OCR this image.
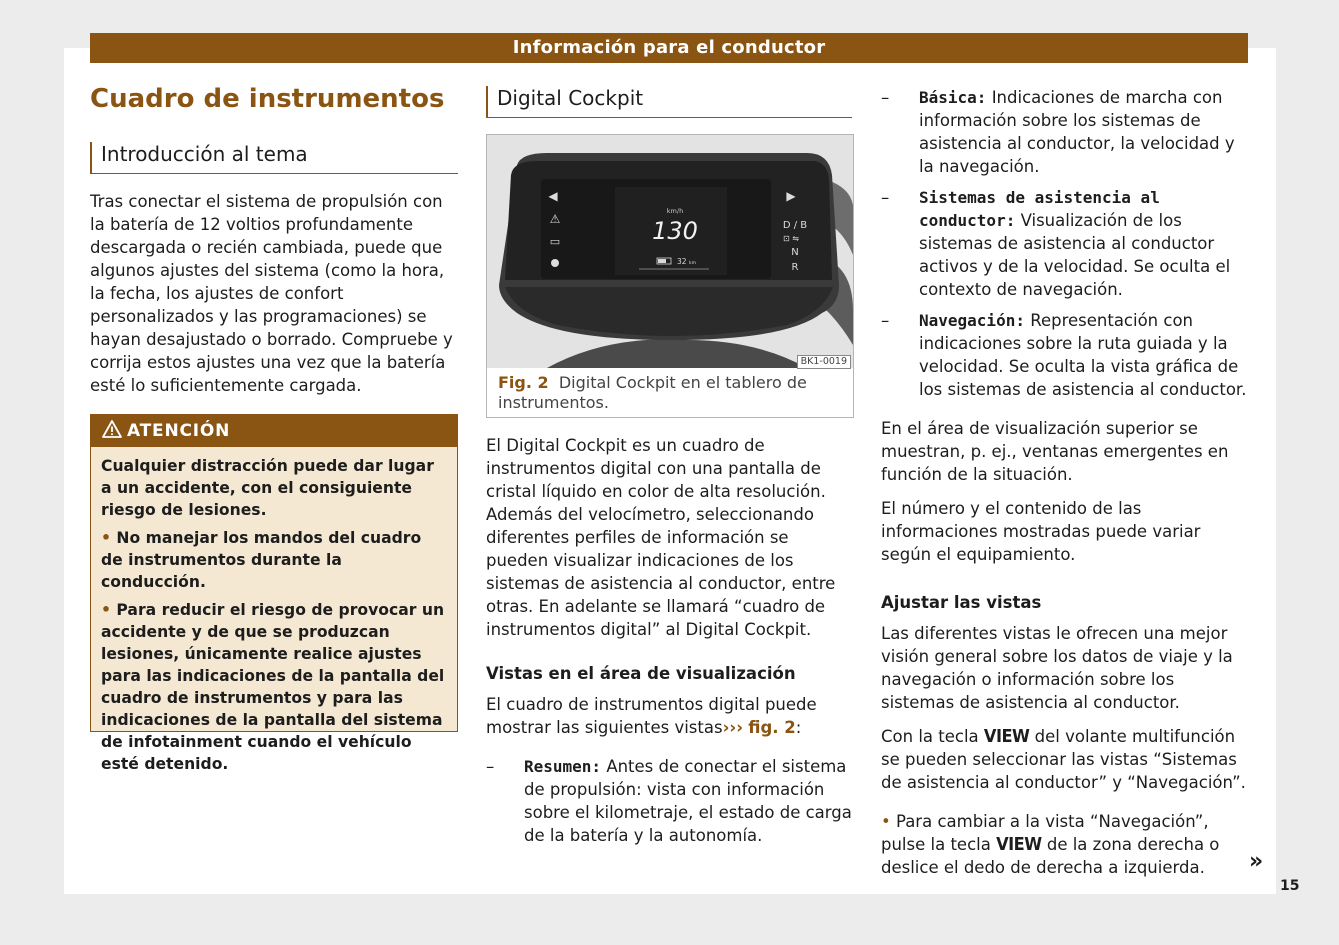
Información para el conductor
Cuadro de instrumentos
Introducción al tema

Tras conectar el sistema de propulsión con la batería de 12 voltios profundamente descargada o recién cambiada, puede que algunos ajustes del sistema (como la hora, la fecha, los ajustes de confort personalizados y las programaciones) se hayan desajustado o borrado. Compruebe y corrija estos ajustes una vez que la batería esté lo suficientemente cargada.

ATENCIÓN

Cualquier distracción puede dar lugar a un accidente, con el consiguiente riesgo de lesiones.

• No manejar los mandos del cuadro de instrumentos durante la conducción.

• Para reducir el riesgo de provocar un accidente y de que se produzcan lesiones, únicamente realice ajustes para las indicaciones de la pantalla del cuadro de instrumentos y para las indicaciones de la pantalla del sistema de infotainment cuando el vehículo esté detenido.

Digital Cockpit
◀
⚠
▭
km/h
130
32 km
▶
D / B
⊡ ⇋
N
R
BK1-0019
Fig. 2 Digital Cockpit en el tablero de instrumentos.

El Digital Cockpit es un cuadro de instrumentos digital con una pantalla de cristal líquido en color de alta resolución. Además del velocímetro, seleccionando diferentes perfiles de información se pueden visualizar indicaciones de los sistemas de asistencia al conductor, entre otras. En adelante se llamará “cuadro de instrumentos digital” al Digital Cockpit.

Vistas en el área de visualización

El cuadro de instrumentos digital puede mostrar las siguientes vistas››› fig. 2:

– Resumen: Antes de conectar el sistema de propulsión: vista con información sobre el kilometraje, el estado de carga de la batería y la autonomía.

– Básica: Indicaciones de marcha con información sobre los sistemas de asistencia al conductor, la velocidad y la navegación.

– Sistemas de asistencia al conductor: Visualización de los sistemas de asistencia al conductor activos y de la velocidad. Se oculta el contexto de navegación.

– Navegación: Representación con indicaciones sobre la ruta guiada y la velocidad. Se oculta la vista gráfica de los sistemas de asistencia al conductor.

En el área de visualización superior se muestran, p. ej., ventanas emergentes en función de la situación.

El número y el contenido de las informaciones mostradas puede variar según el equipamiento.

Ajustar las vistas

Las diferentes vistas le ofrecen una mejor visión general sobre los datos de viaje y la navegación o información sobre los sistemas de asistencia al conductor.

Con la tecla VIEW del volante multifunción se pueden seleccionar las vistas “Sistemas de asistencia al conductor” y “Navegación”.

• Para cambiar a la vista “Navegación”, pulse la tecla VIEW de la zona derecha o deslice el dedo de derecha a izquierda.	»
15
